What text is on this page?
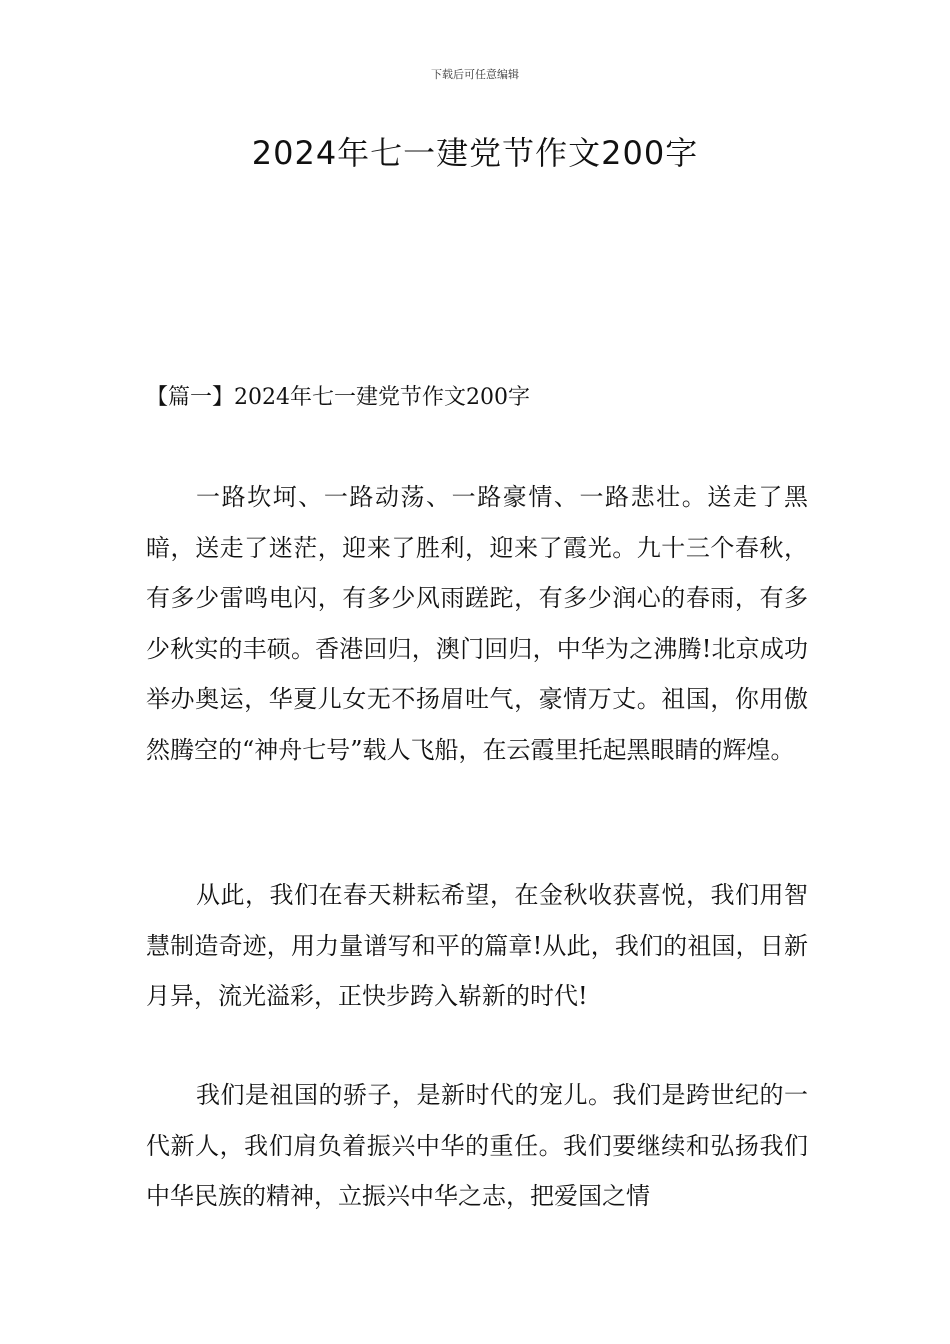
下载后可任意编辑
2024年七一建党节作文200字
【篇一】2024年七一建党节作文200字

一路坎坷、一路动荡、一路豪情、一路悲壮。送走了黑暗，送走了迷茫，迎来了胜利，迎来了霞光。九十三个春秋，有多少雷鸣电闪，有多少风雨蹉跎，有多少润心的春雨，有多少秋实的丰硕。香港回归，澳门回归，中华为之沸腾!北京成功举办奥运，华夏儿女无不扬眉吐气，豪情万丈。祖国，你用傲然腾空的“神舟七号”载人飞船，在云霞里托起黑眼睛的辉煌。

从此，我们在春天耕耘希望，在金秋收获喜悦，我们用智慧制造奇迹，用力量谱写和平的篇章!从此，我们的祖国，日新月异，流光溢彩，正快步跨入崭新的时代!

我们是祖国的骄子，是新时代的宠儿。我们是跨世纪的一代新人，我们肩负着振兴中华的重任。我们要继续和弘扬我们中华民族的精神，立振兴中华之志，把爱国之情
